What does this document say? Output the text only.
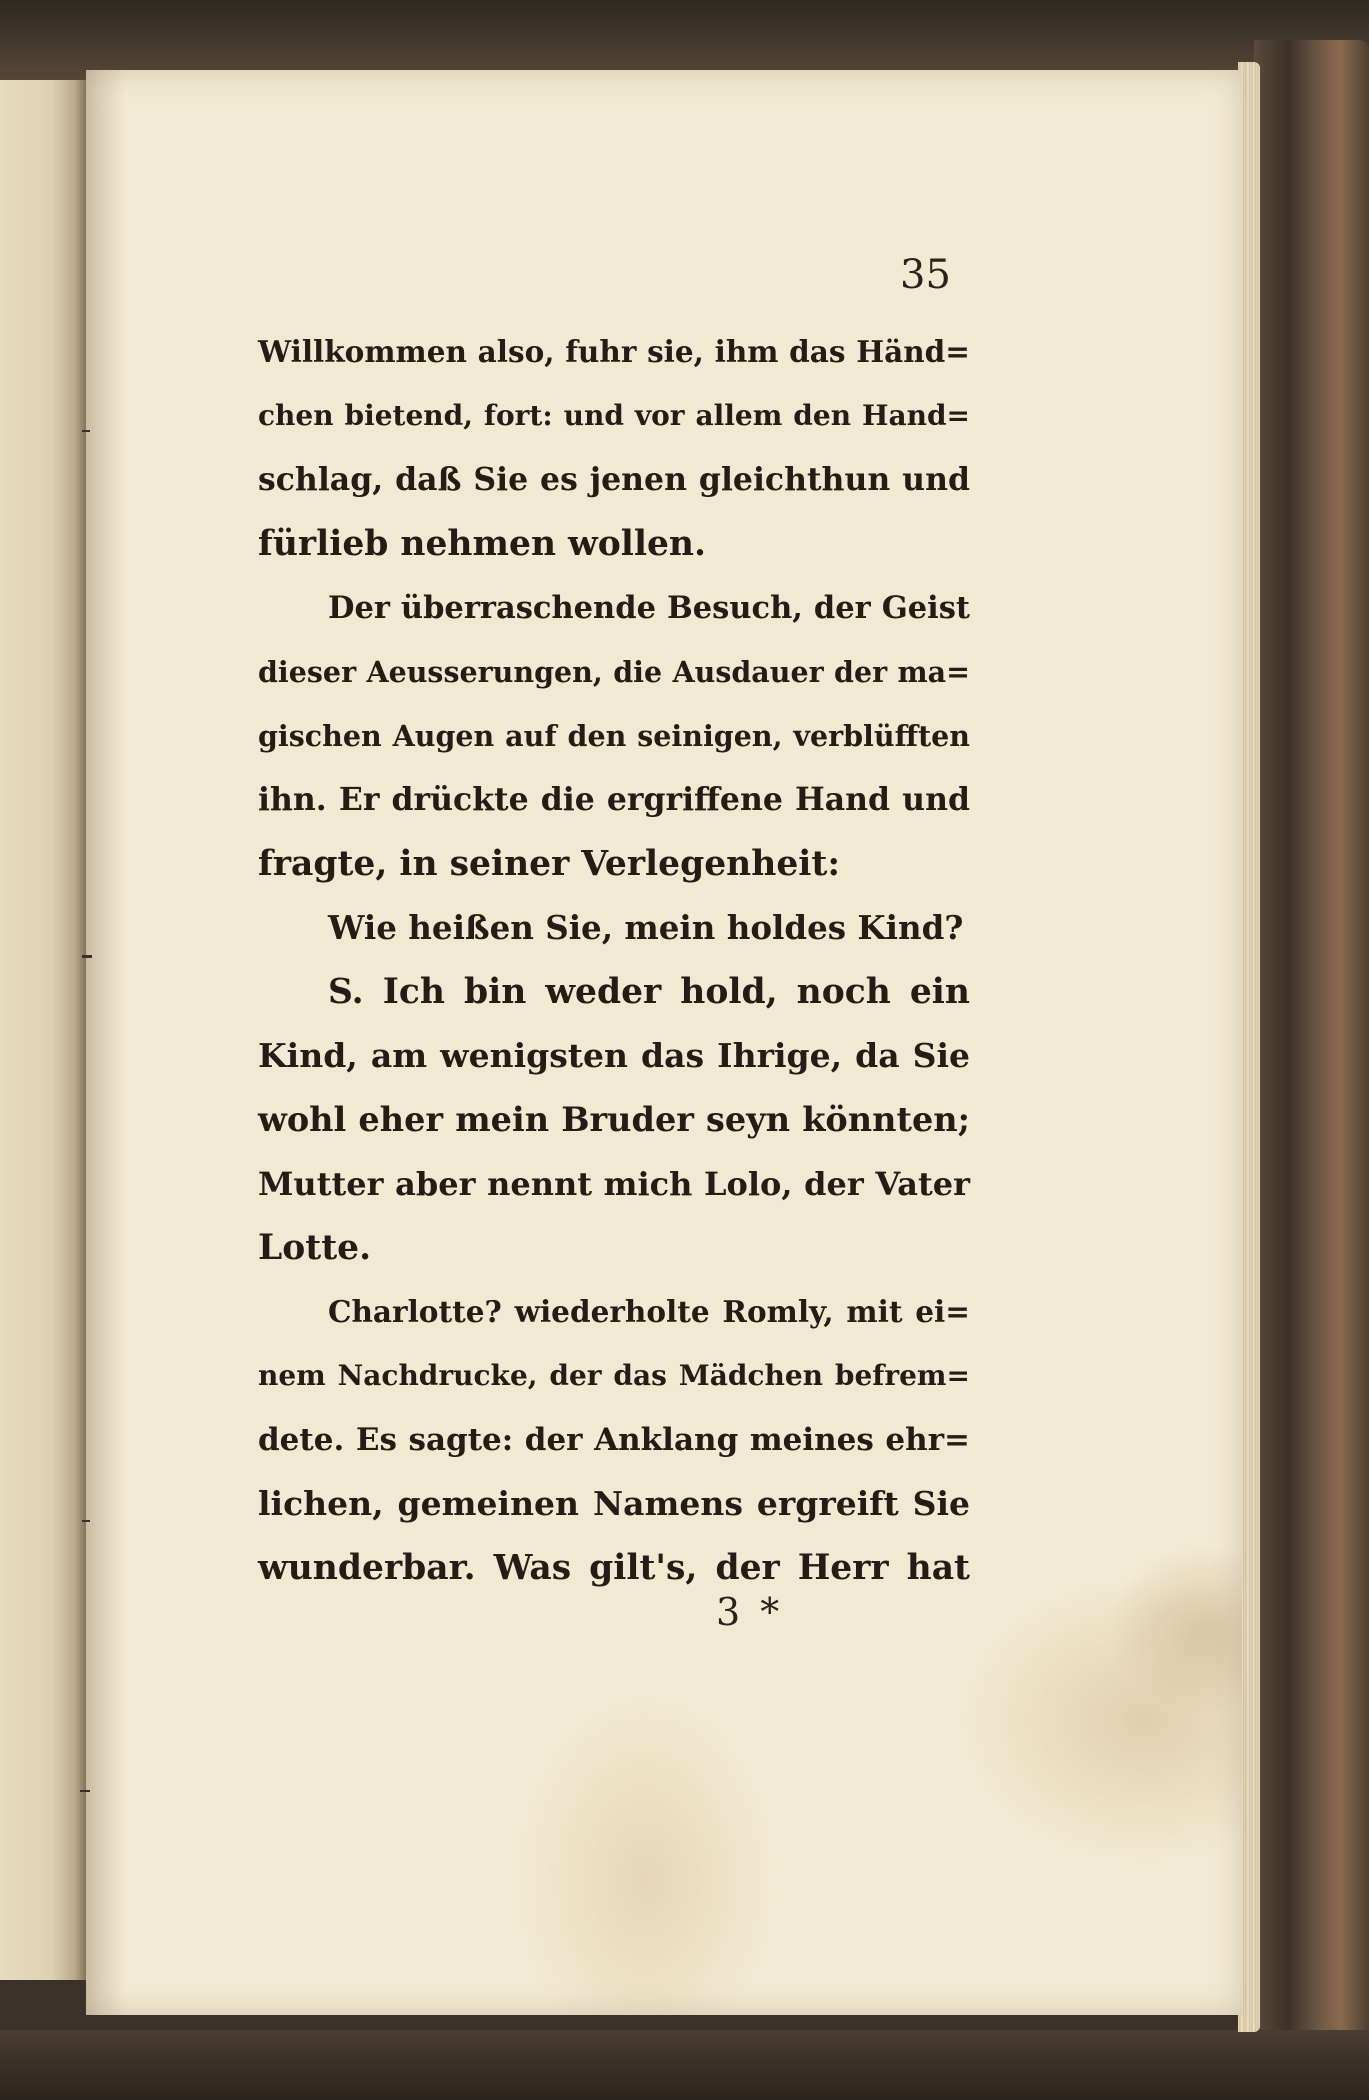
35
Willkommen also, fuhr sie, ihm das Händ=
chen bietend, fort: und vor allem den Hand=
schlag, daß Sie es jenen gleichthun und
fürlieb nehmen wollen.
Der überraschende Besuch, der Geist
dieser Aeusserungen, die Ausdauer der ma=
gischen Augen auf den seinigen, verblüfften
ihn. Er drückte die ergriffene Hand und
fragte, in seiner Verlegenheit:
Wie heißen Sie, mein holdes Kind?
S. Ich bin weder hold, noch ein
Kind, am wenigsten das Ihrige, da Sie
wohl eher mein Bruder seyn könnten;
Mutter aber nennt mich Lolo, der Vater
Lotte.
Charlotte? wiederholte Romly, mit ei=
nem Nachdrucke, der das Mädchen befrem=
dete. Es sagte: der Anklang meines ehr=
lichen, gemeinen Namens ergreift Sie
wunderbar. Was gilt's, der Herr hat
3 *
